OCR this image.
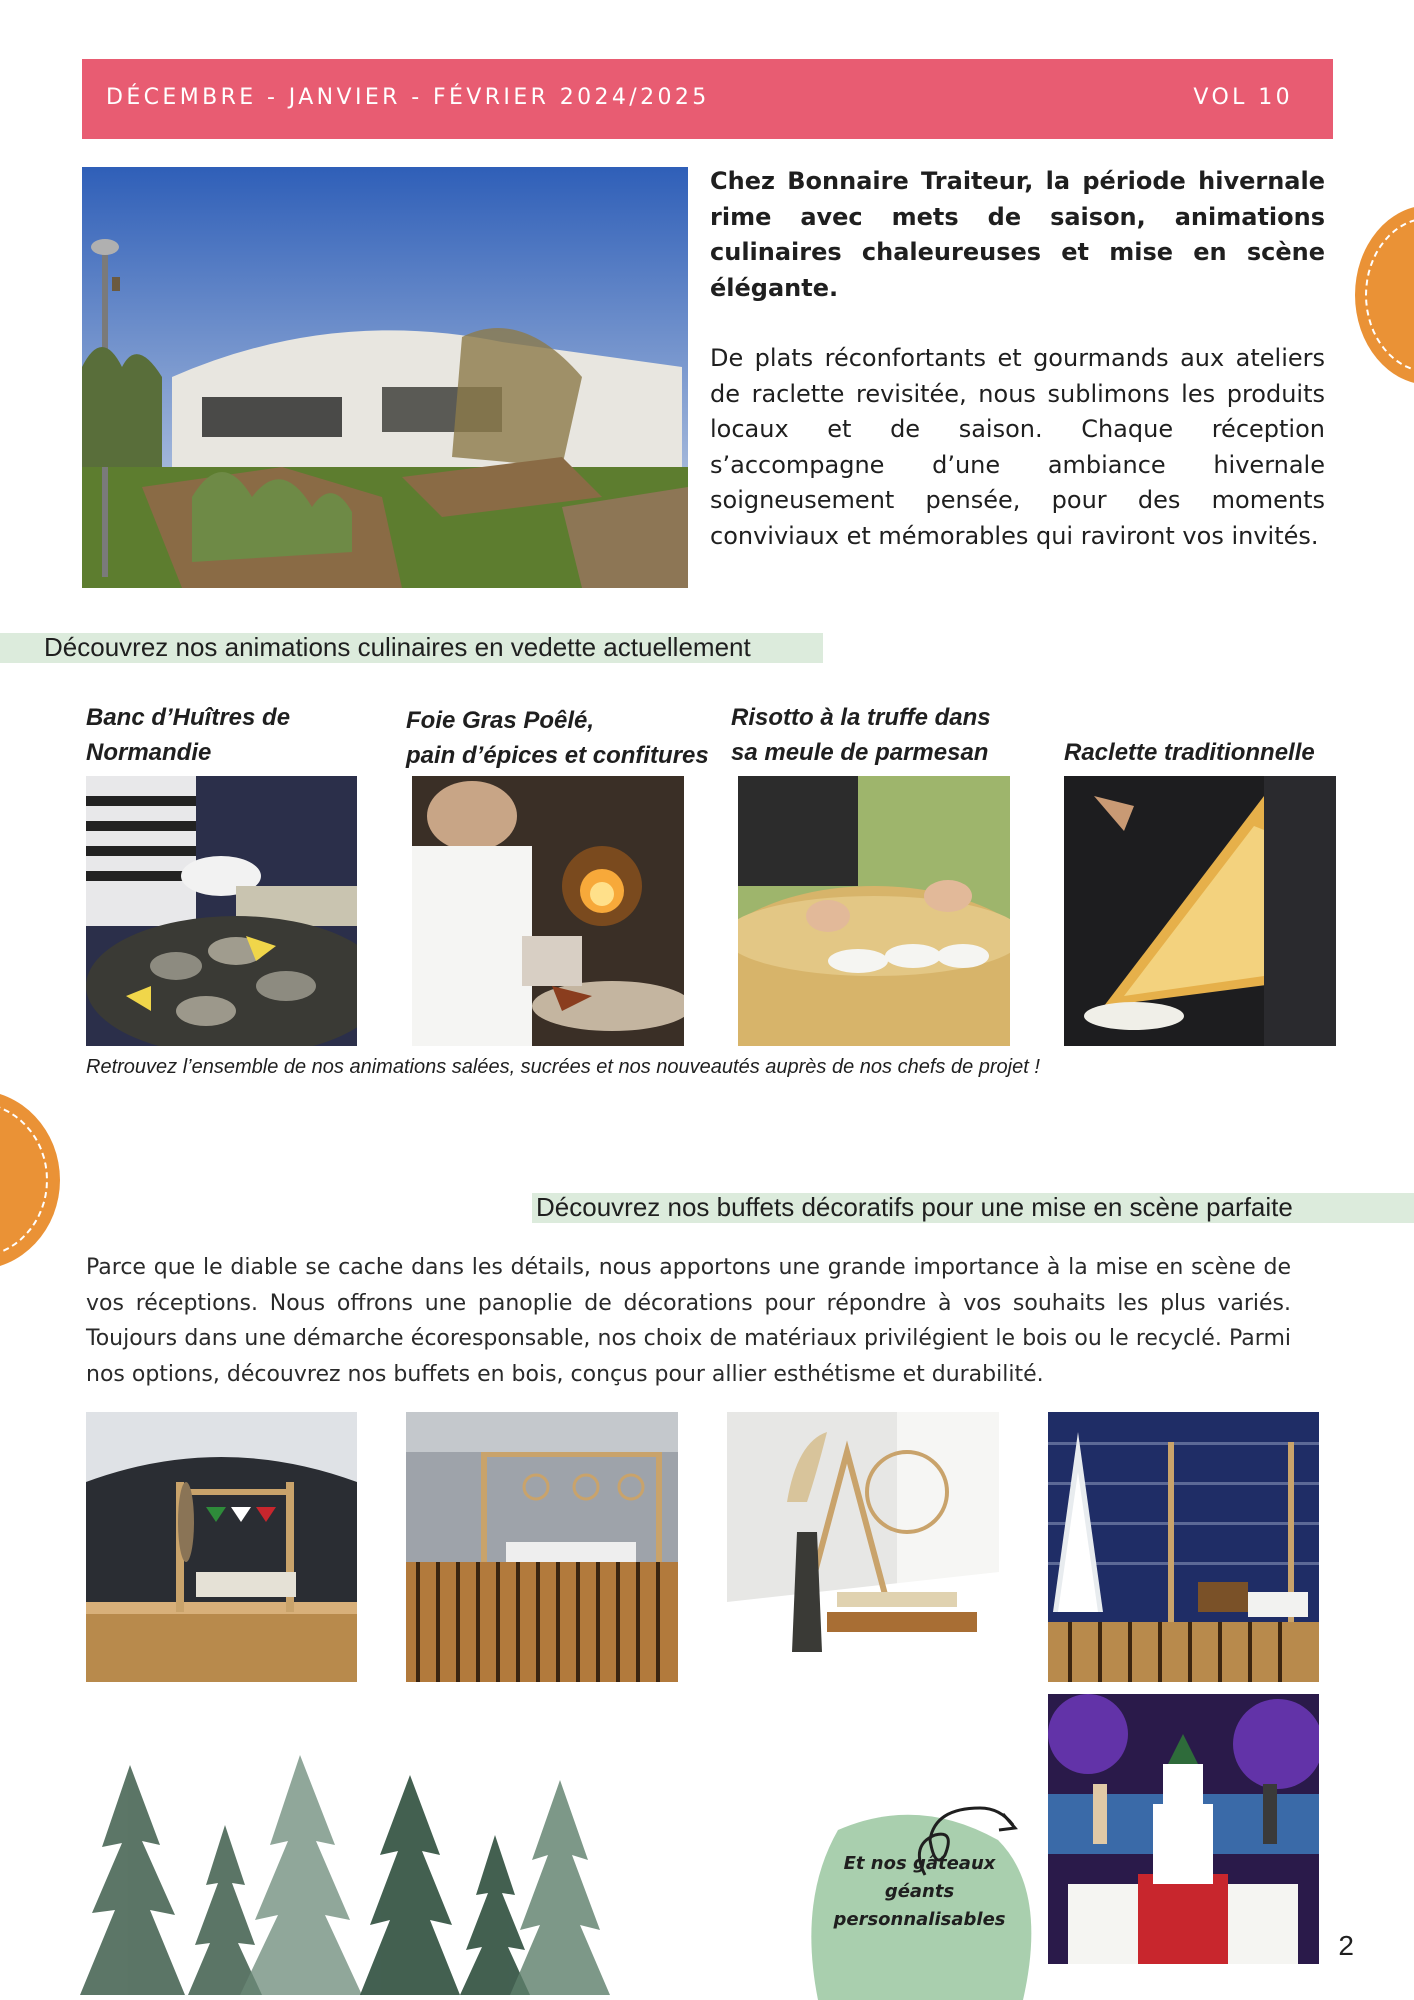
DÉCEMBRE - JANVIER - FÉVRIER 2024/2025	VOL 10

Chez Bonnaire Traiteur, la période hivernale rime avec mets de saison, animations culinaires chaleureuses et mise en scène élégante.

De plats réconfortants et gourmands aux ateliers de raclette revisitée, nous sublimons les produits locaux et de saison. Chaque réception s’accompagne d’une ambiance hivernale soigneusement pensée, pour des moments conviviaux et mémorables qui raviront vos invités.

Découvrez nos animations culinaires en vedette actuellement
Banc d’Huîtres de
Normandie
Foie Gras Poêlé,
pain d’épices et confitures
Risotto à la truffe dans
sa meule de parmesan	Raclette traditionnelle
Retrouvez l’ensemble de nos animations salées, sucrées et nos nouveautés auprès de nos chefs de projet !
Découvrez nos buffets décoratifs pour une mise en scène parfaite
Parce que le diable se cache dans les détails, nous apportons une grande importance à la mise en scène de vos réceptions. Nous offrons une panoplie de décorations pour répondre à vos souhaits les plus variés. Toujours dans une démarche écoresponsable, nos choix de matériaux privilégient le bois ou le recyclé. Parmi nos options, découvrez nos buffets en bois, conçus pour allier esthétisme et durabilité.
Et nos gâteaux géants personnalisables
2
